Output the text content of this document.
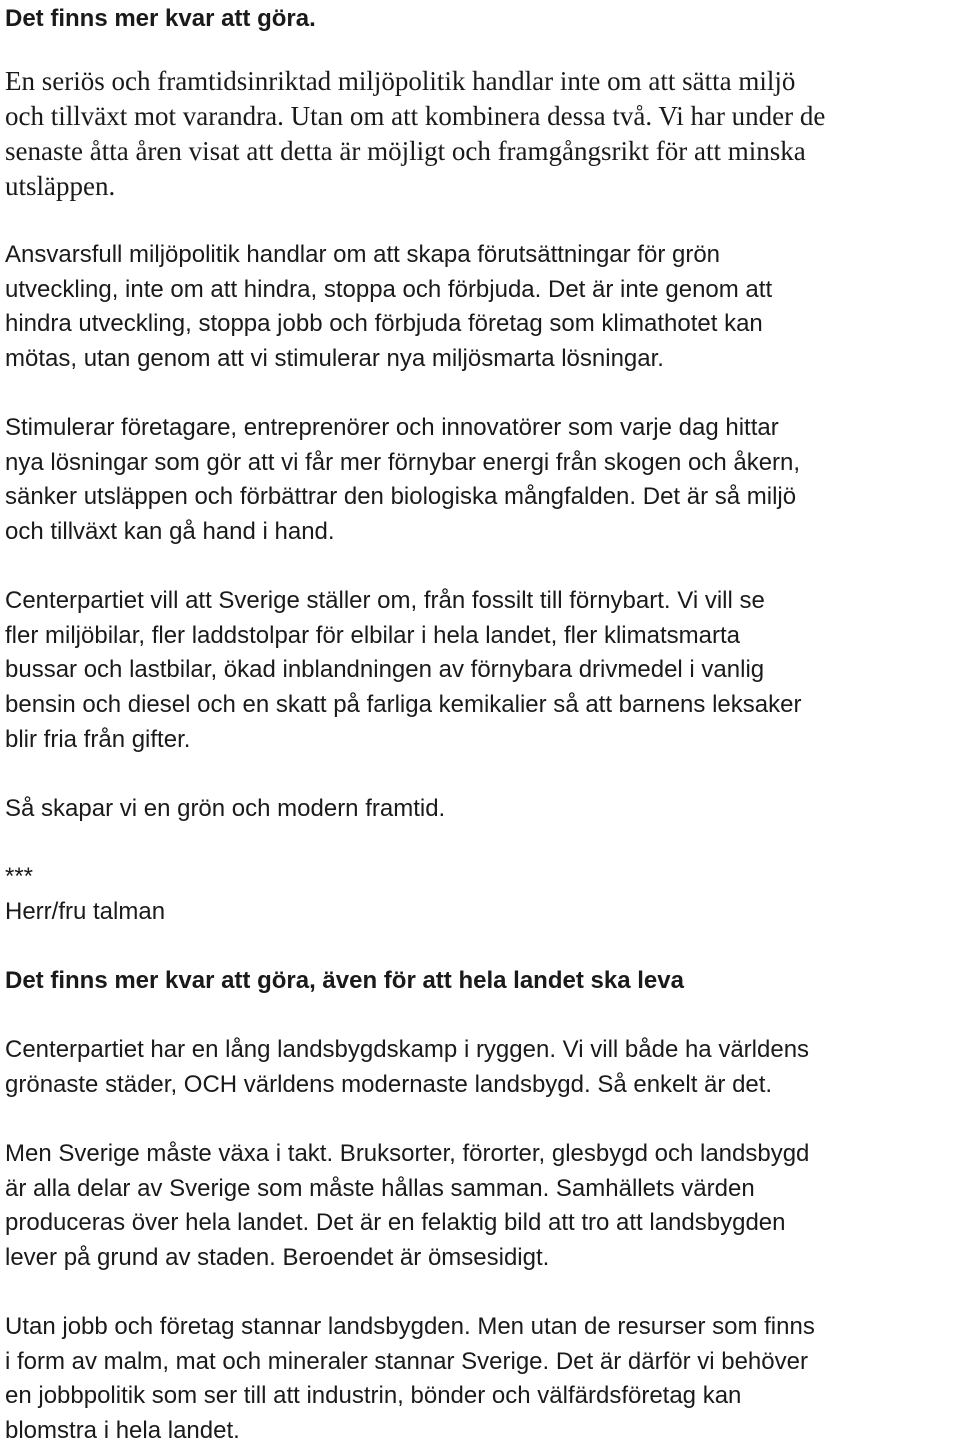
Det finns mer kvar att göra.
En seriös och framtidsinriktad miljöpolitik handlar inte om att sätta miljö
och tillväxt mot varandra. Utan om att kombinera dessa två. Vi har under de
senaste åtta åren visat att detta är möjligt och framgångsrikt för att minska
utsläppen.
Ansvarsfull miljöpolitik handlar om att skapa förutsättningar för grön
utveckling, inte om att hindra, stoppa och förbjuda. Det är inte genom att
hindra utveckling, stoppa jobb och förbjuda företag som klimathotet kan
mötas, utan genom att vi stimulerar nya miljösmarta lösningar.
Stimulerar företagare, entreprenörer och innovatörer som varje dag hittar
nya lösningar som gör att vi får mer förnybar energi från skogen och åkern,
sänker utsläppen och förbättrar den biologiska mångfalden. Det är så miljö
och tillväxt kan gå hand i hand.
Centerpartiet vill att Sverige ställer om, från fossilt till förnybart. Vi vill se
fler miljöbilar, fler laddstolpar för elbilar i hela landet, fler klimatsmarta
bussar och lastbilar, ökad inblandningen av förnybara drivmedel i vanlig
bensin och diesel och en skatt på farliga kemikalier så att barnens leksaker
blir fria från gifter.
Så skapar vi en grön och modern framtid.
***
Herr/fru talman
Det finns mer kvar att göra, även för att hela landet ska leva
Centerpartiet har en lång landsbygdskamp i ryggen. Vi vill både ha världens
grönaste städer, OCH världens modernaste landsbygd. Så enkelt är det.
Men Sverige måste växa i takt. Bruksorter, förorter, glesbygd och landsbygd
är alla delar av Sverige som måste hållas samman. Samhällets värden
produceras över hela landet. Det är en felaktig bild att tro att landsbygden
lever på grund av staden. Beroendet är ömsesidigt.
Utan jobb och företag stannar landsbygden. Men utan de resurser som finns
i form av malm, mat och mineraler stannar Sverige. Det är därför vi behöver
en jobbpolitik som ser till att industrin, bönder och välfärdsföretag kan
blomstra i hela landet.
